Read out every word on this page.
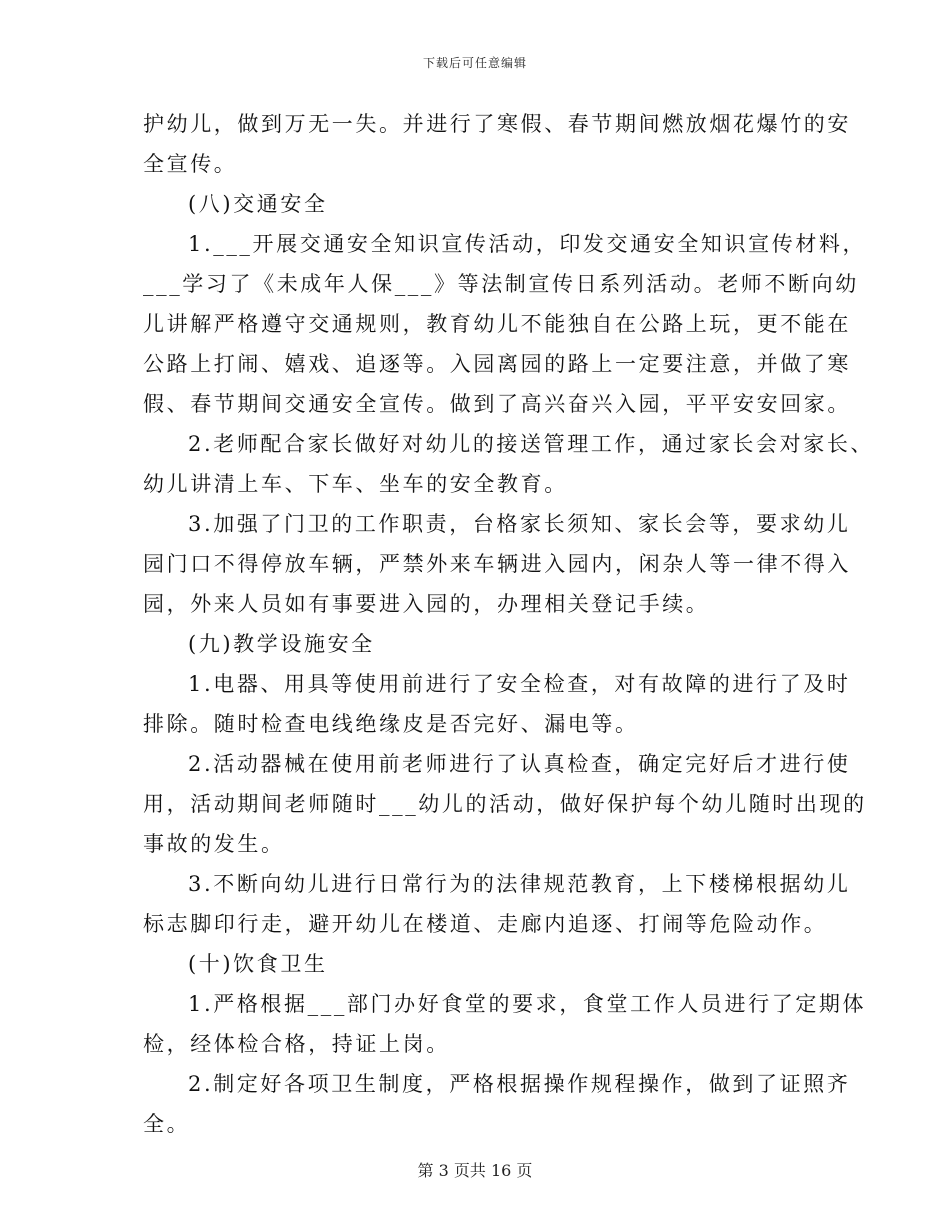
下载后可任意编辑
护幼儿，做到万无一失。并进行了寒假、春节期间燃放烟花爆竹的安
全宣传。
(八)交通安全
1.___开展交通安全知识宣传活动，印发交通安全知识宣传材料，
___学习了《未成年人保___》等法制宣传日系列活动。老师不断向幼
儿讲解严格遵守交通规则，教育幼儿不能独自在公路上玩，更不能在
公路上打闹、嬉戏、追逐等。入园离园的路上一定要注意，并做了寒
假、春节期间交通安全宣传。做到了高兴奋兴入园，平平安安回家。
2.老师配合家长做好对幼儿的接送管理工作，通过家长会对家长、
幼儿讲清上车、下车、坐车的安全教育。
3.加强了门卫的工作职责，台格家长须知、家长会等，要求幼儿
园门口不得停放车辆，严禁外来车辆进入园内，闲杂人等一律不得入
园，外来人员如有事要进入园的，办理相关登记手续。
(九)教学设施安全
1.电器、用具等使用前进行了安全检查，对有故障的进行了及时
排除。随时检查电线绝缘皮是否完好、漏电等。
2.活动器械在使用前老师进行了认真检查，确定完好后才进行使
用，活动期间老师随时___幼儿的活动，做好保护每个幼儿随时出现的
事故的发生。
3.不断向幼儿进行日常行为的法律规范教育，上下楼梯根据幼儿
标志脚印行走，避开幼儿在楼道、走廊内追逐、打闹等危险动作。
(十)饮食卫生
1.严格根据___部门办好食堂的要求，食堂工作人员进行了定期体
检，经体检合格，持证上岗。
2.制定好各项卫生制度，严格根据操作规程操作，做到了证照齐
全。
第 3 页共 16 页
